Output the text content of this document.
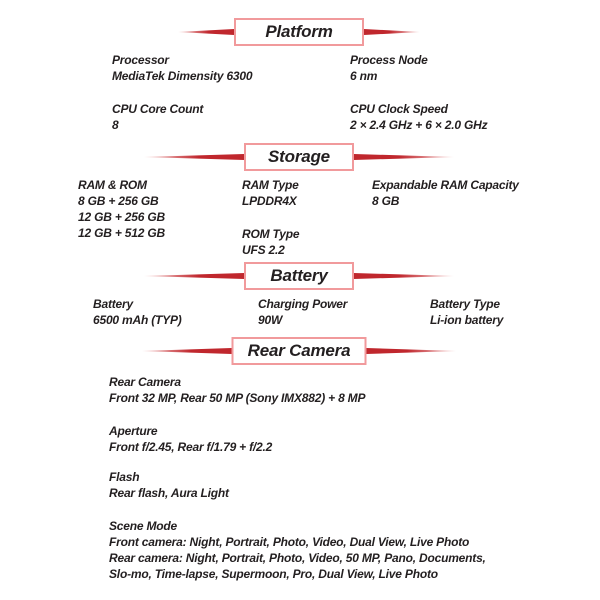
Platform
Processor
MediaTek Dimensity 6300
Process Node
6 nm
CPU Core Count
8
CPU Clock Speed
2 × 2.4 GHz + 6 × 2.0 GHz
Storage
RAM & ROM
8 GB + 256 GB
12 GB + 256 GB
12 GB + 512 GB
RAM Type
LPDDR4X
ROM Type
UFS 2.2
Expandable RAM Capacity
8 GB
Battery
Battery
6500 mAh (TYP)
Charging Power
90W
Battery Type
Li-ion battery
Rear Camera
Rear Camera
Front 32 MP, Rear 50 MP (Sony IMX882) + 8 MP
Aperture
Front f/2.45, Rear f/1.79 + f/2.2
Flash
Rear flash, Aura Light
Scene Mode
Front camera: Night, Portrait, Photo, Video, Dual View, Live Photo
Rear camera: Night, Portrait, Photo, Video, 50 MP, Pano, Documents,
Slo-mo, Time-lapse, Supermoon, Pro, Dual View, Live Photo
